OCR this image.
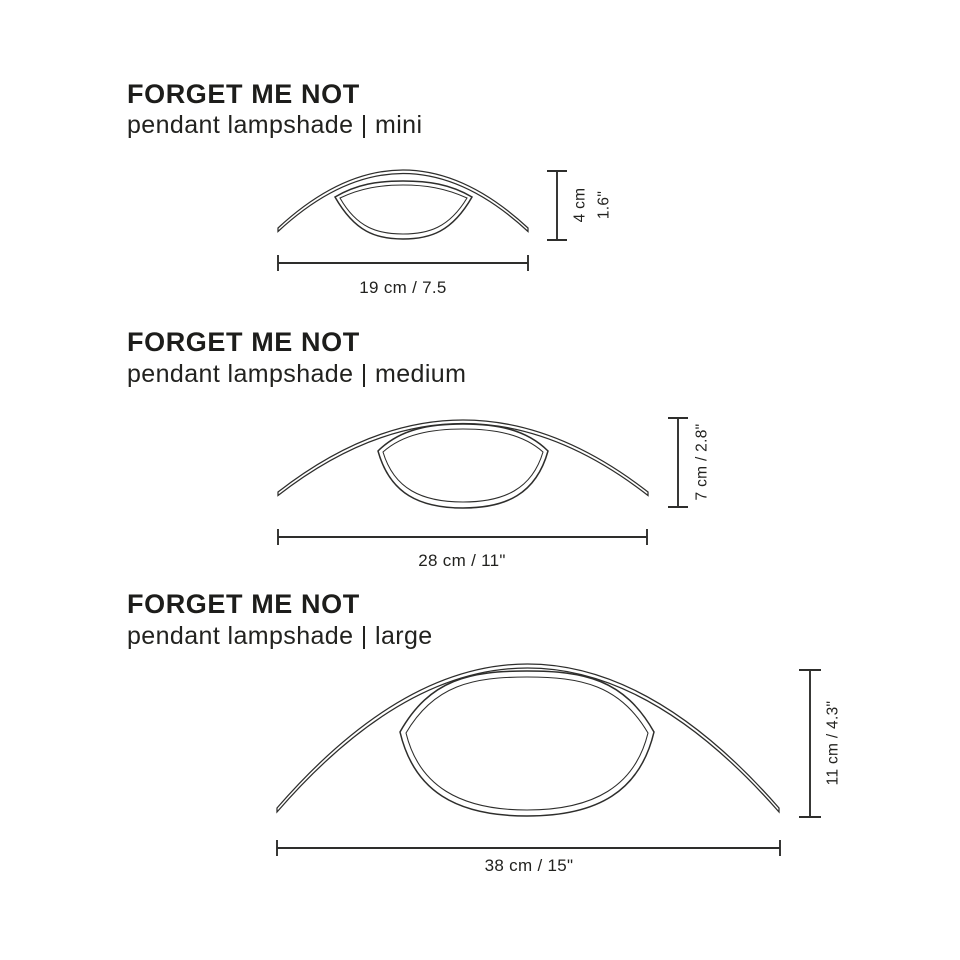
FORGET ME NOT
pendant lampshade | mini
FORGET ME NOT
pendant lampshade | medium
FORGET ME NOT
pendant lampshade | large
4 cm 1.6"
19 cm / 7.5
7 cm / 2.8"
28 cm / 11"
11 cm / 4.3"
38 cm / 15"
